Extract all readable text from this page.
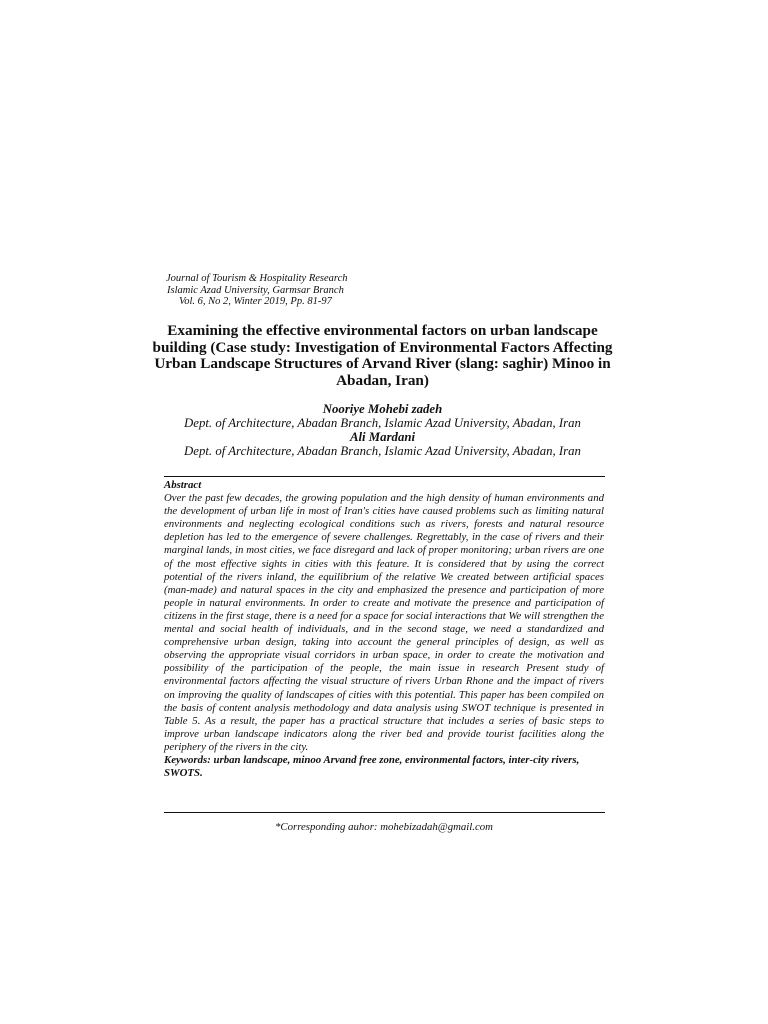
Journal of Tourism & Hospitality Research
Islamic Azad University, Garmsar Branch
Vol. 6, No 2, Winter 2019, Pp. 81-97
Examining the effective environmental factors on urban landscape building (Case study: Investigation of Environmental Factors Affecting Urban Landscape Structures of Arvand River (slang: saghir) Minoo in Abadan, Iran)
Nooriye Mohebi zadeh
Dept. of Architecture, Abadan Branch, Islamic Azad University, Abadan, Iran
Ali Mardani
Dept. of Architecture, Abadan Branch, Islamic Azad University, Abadan, Iran
Abstract
Over the past few decades, the growing population and the high density of human environments and the development of urban life in most of Iran's cities have caused problems such as limiting natural environments and neglecting ecological conditions such as rivers, forests and natural resource depletion has led to the emergence of severe challenges. Regrettably, in the case of rivers and their marginal lands, in most cities, we face disregard and lack of proper monitoring; urban rivers are one of the most effective sights in cities with this feature. It is considered that by using the correct potential of the rivers inland, the equilibrium of the relative We created between artificial spaces (man-made) and natural spaces in the city and emphasized the presence and participation of more people in natural environments. In order to create and motivate the presence and participation of citizens in the first stage, there is a need for a space for social interactions that We will strengthen the mental and social health of individuals, and in the second stage, we need a standardized and comprehensive urban design, taking into account the general principles of design, as well as observing the appropriate visual corridors in urban space, in order to create the motivation and possibility of the participation of the people, the main issue in research Present study of environmental factors affecting the visual structure of rivers Urban Rhone and the impact of rivers on improving the quality of landscapes of cities with this potential. This paper has been compiled on the basis of content analysis methodology and data analysis using SWOT technique is presented in Table 5. As a result, the paper has a practical structure that includes a series of basic steps to improve urban landscape indicators along the river bed and provide tourist facilities along the periphery of the rivers in the city.
Keywords: urban landscape, minoo Arvand free zone, environmental factors, inter-city rivers, SWOTS.
*Corresponding auhor: mohebizadah@gmail.com
